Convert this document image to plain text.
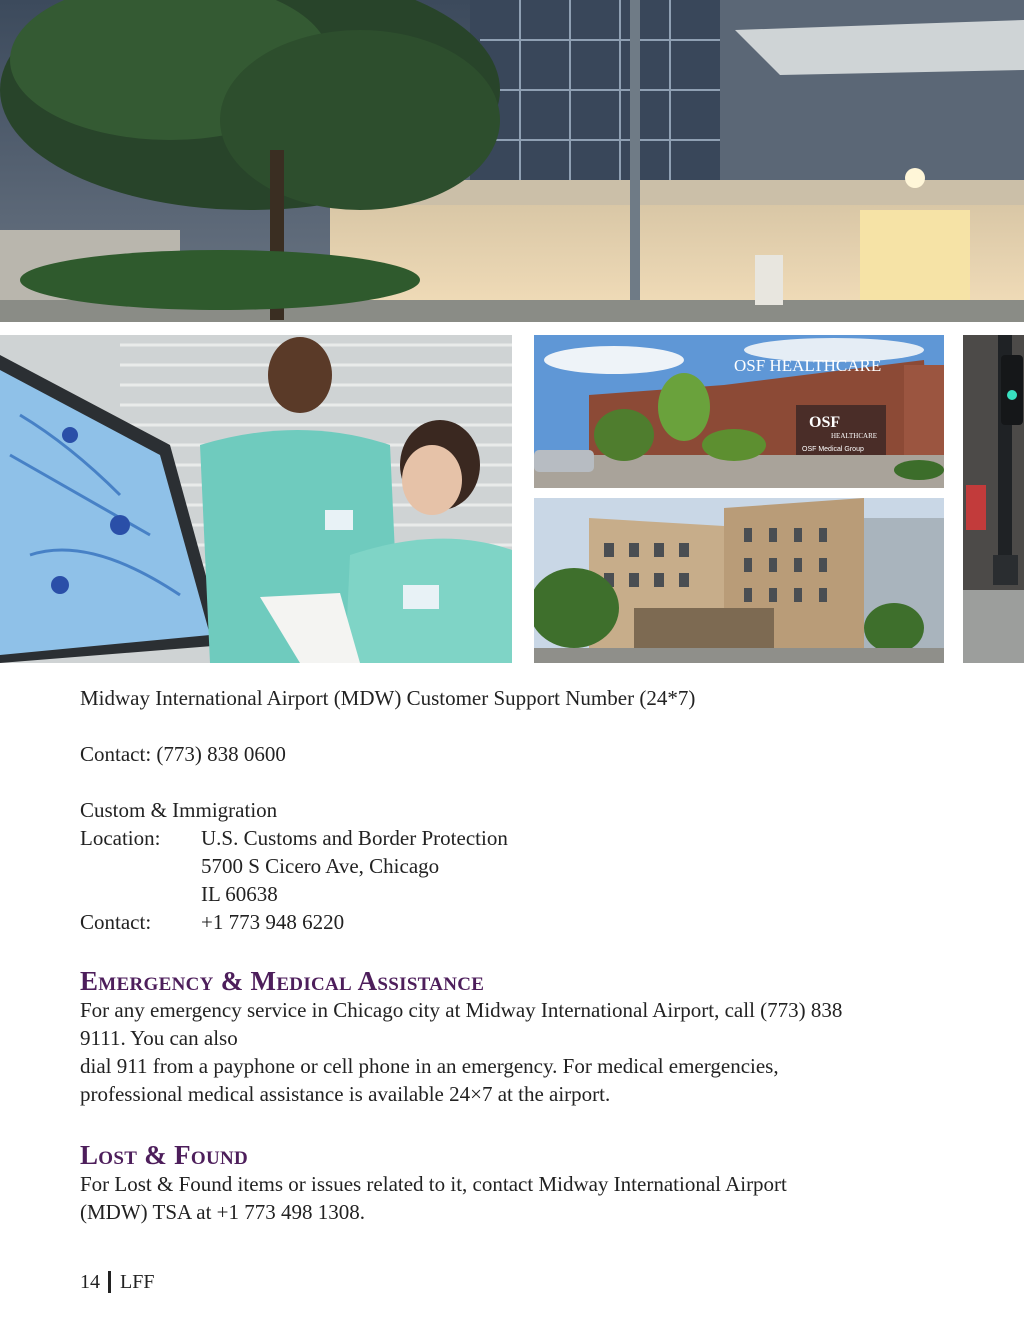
OSF HEALTHCARE
OSF
HEALTHCARE
OSF Medical Group

Midway International Airport (MDW) Customer Support Number (24*7)

Contact: (773) 838 0600

Custom & Immigration

Location:	U.S. Customs and Border Protection
5700 S Cicero Ave, Chicago
IL 60638
Contact:	+1 773 948 6220
Emergency & Medical Assistance

For any emergency service in Chicago city at Midway International Airport, call (773) 838

9111. You can also

dial 911 from a payphone or cell phone in an emergency. For medical emergencies,

professional medical assistance is available 24×7 at the airport.

Lost & Found

For Lost & Found items or issues related to it, contact Midway International Airport

(MDW) TSA at +1 773 498 1308.

14 LFF
